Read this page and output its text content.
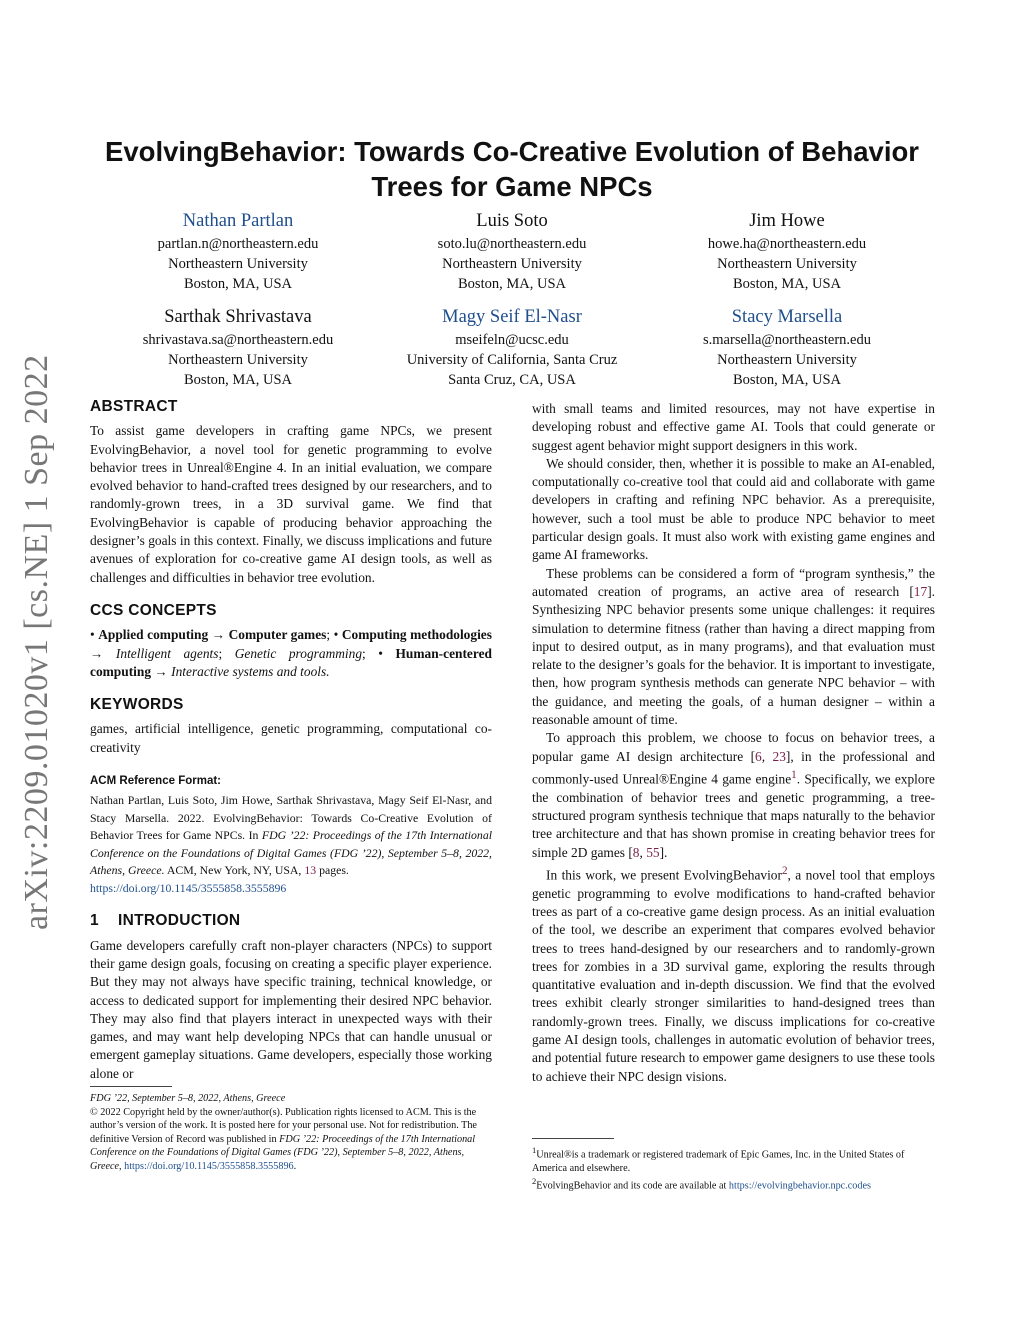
arXiv:2209.01020v1 [cs.NE] 1 Sep 2022
EvolvingBehavior: Towards Co-Creative Evolution of Behavior Trees for Game NPCs
Nathan Partlan
partlan.n@northeastern.edu
Northeastern University
Boston, MA, USA
Luis Soto
soto.lu@northeastern.edu
Northeastern University
Boston, MA, USA
Jim Howe
howe.ha@northeastern.edu
Northeastern University
Boston, MA, USA
Sarthak Shrivastava
shrivastava.sa@northeastern.edu
Northeastern University
Boston, MA, USA
Magy Seif El-Nasr
mseifeln@ucsc.edu
University of California, Santa Cruz
Santa Cruz, CA, USA
Stacy Marsella
s.marsella@northeastern.edu
Northeastern University
Boston, MA, USA
ABSTRACT

To assist game developers in crafting game NPCs, we present EvolvingBehavior, a novel tool for genetic programming to evolve behavior trees in Unreal®Engine 4. In an initial evaluation, we compare evolved behavior to hand-crafted trees designed by our researchers, and to randomly-grown trees, in a 3D survival game. We find that EvolvingBehavior is capable of producing behavior approaching the designer’s goals in this context. Finally, we discuss implications and future avenues of exploration for co-creative game AI design tools, as well as challenges and difficulties in behavior tree evolution.

CCS CONCEPTS

• Applied computing → Computer games; • Computing methodologies → Intelligent agents; Genetic programming; • Human-centered computing → Interactive systems and tools.

KEYWORDS

games, artificial intelligence, genetic programming, computational co-creativity

ACM Reference Format:
Nathan Partlan, Luis Soto, Jim Howe, Sarthak Shrivastava, Magy Seif El-Nasr, and Stacy Marsella. 2022. EvolvingBehavior: Towards Co-Creative Evolution of Behavior Trees for Game NPCs. In FDG ’22: Proceedings of the 17th International Conference on the Foundations of Digital Games (FDG ’22), September 5–8, 2022, Athens, Greece. ACM, New York, NY, USA, 13 pages.
https://doi.org/10.1145/3555858.3555896
1 INTRODUCTION

Game developers carefully craft non-player characters (NPCs) to support their game design goals, focusing on creating a specific player experience. But they may not always have specific training, technical knowledge, or access to dedicated support for implementing their desired NPC behavior. They may also find that players interact in unexpected ways with their games, and may want help developing NPCs that can handle unusual or emergent gameplay situations. Game developers, especially those working alone or

FDG ’22, September 5–8, 2022, Athens, Greece
© 2022 Copyright held by the owner/author(s). Publication rights licensed to ACM. This is the author’s version of the work. It is posted here for your personal use. Not for redistribution. The definitive Version of Record was published in FDG ’22: Proceedings of the 17th International Conference on the Foundations of Digital Games (FDG ’22), September 5–8, 2022, Athens, Greece, https://doi.org/10.1145/3555858.3555896.

with small teams and limited resources, may not have expertise in developing robust and effective game AI. Tools that could generate or suggest agent behavior might support designers in this work.

We should consider, then, whether it is possible to make an AI-enabled, computationally co-creative tool that could aid and collaborate with game developers in crafting and refining NPC behavior. As a prerequisite, however, such a tool must be able to produce NPC behavior to meet particular design goals. It must also work with existing game engines and game AI frameworks.

These problems can be considered a form of “program synthesis,” the automated creation of programs, an active area of research [17]. Synthesizing NPC behavior presents some unique challenges: it requires simulation to determine fitness (rather than having a direct mapping from input to desired output, as in many programs), and that evaluation must relate to the designer’s goals for the behavior. It is important to investigate, then, how program synthesis methods can generate NPC behavior – with the guidance, and meeting the goals, of a human designer – within a reasonable amount of time.

To approach this problem, we choose to focus on behavior trees, a popular game AI design architecture [6, 23], in the professional and commonly-used Unreal®Engine 4 game engine$^1$. Specifically, we explore the combination of behavior trees and genetic programming, a tree-structured program synthesis technique that maps naturally to the behavior tree architecture and that has shown promise in creating behavior trees for simple 2D games [8, 55].

In this work, we present EvolvingBehavior$^2$, a novel tool that employs genetic programming to evolve modifications to hand-crafted behavior trees as part of a co-creative game design process. As an initial evaluation of the tool, we describe an experiment that compares evolved behavior trees to trees hand-designed by our researchers and to randomly-grown trees for zombies in a 3D survival game, exploring the results through quantitative evaluation and in-depth discussion. We find that the evolved trees exhibit clearly stronger similarities to hand-designed trees than randomly-grown trees. Finally, we discuss implications for co-creative game AI design tools, challenges in automatic evolution of behavior trees, and potential future research to empower game designers to use these tools to achieve their NPC design visions.

$^1$Unreal®is a trademark or registered trademark of Epic Games, Inc. in the United States of America and elsewhere.
$^2$EvolvingBehavior and its code are available at https://evolvingbehavior.npc.codes
